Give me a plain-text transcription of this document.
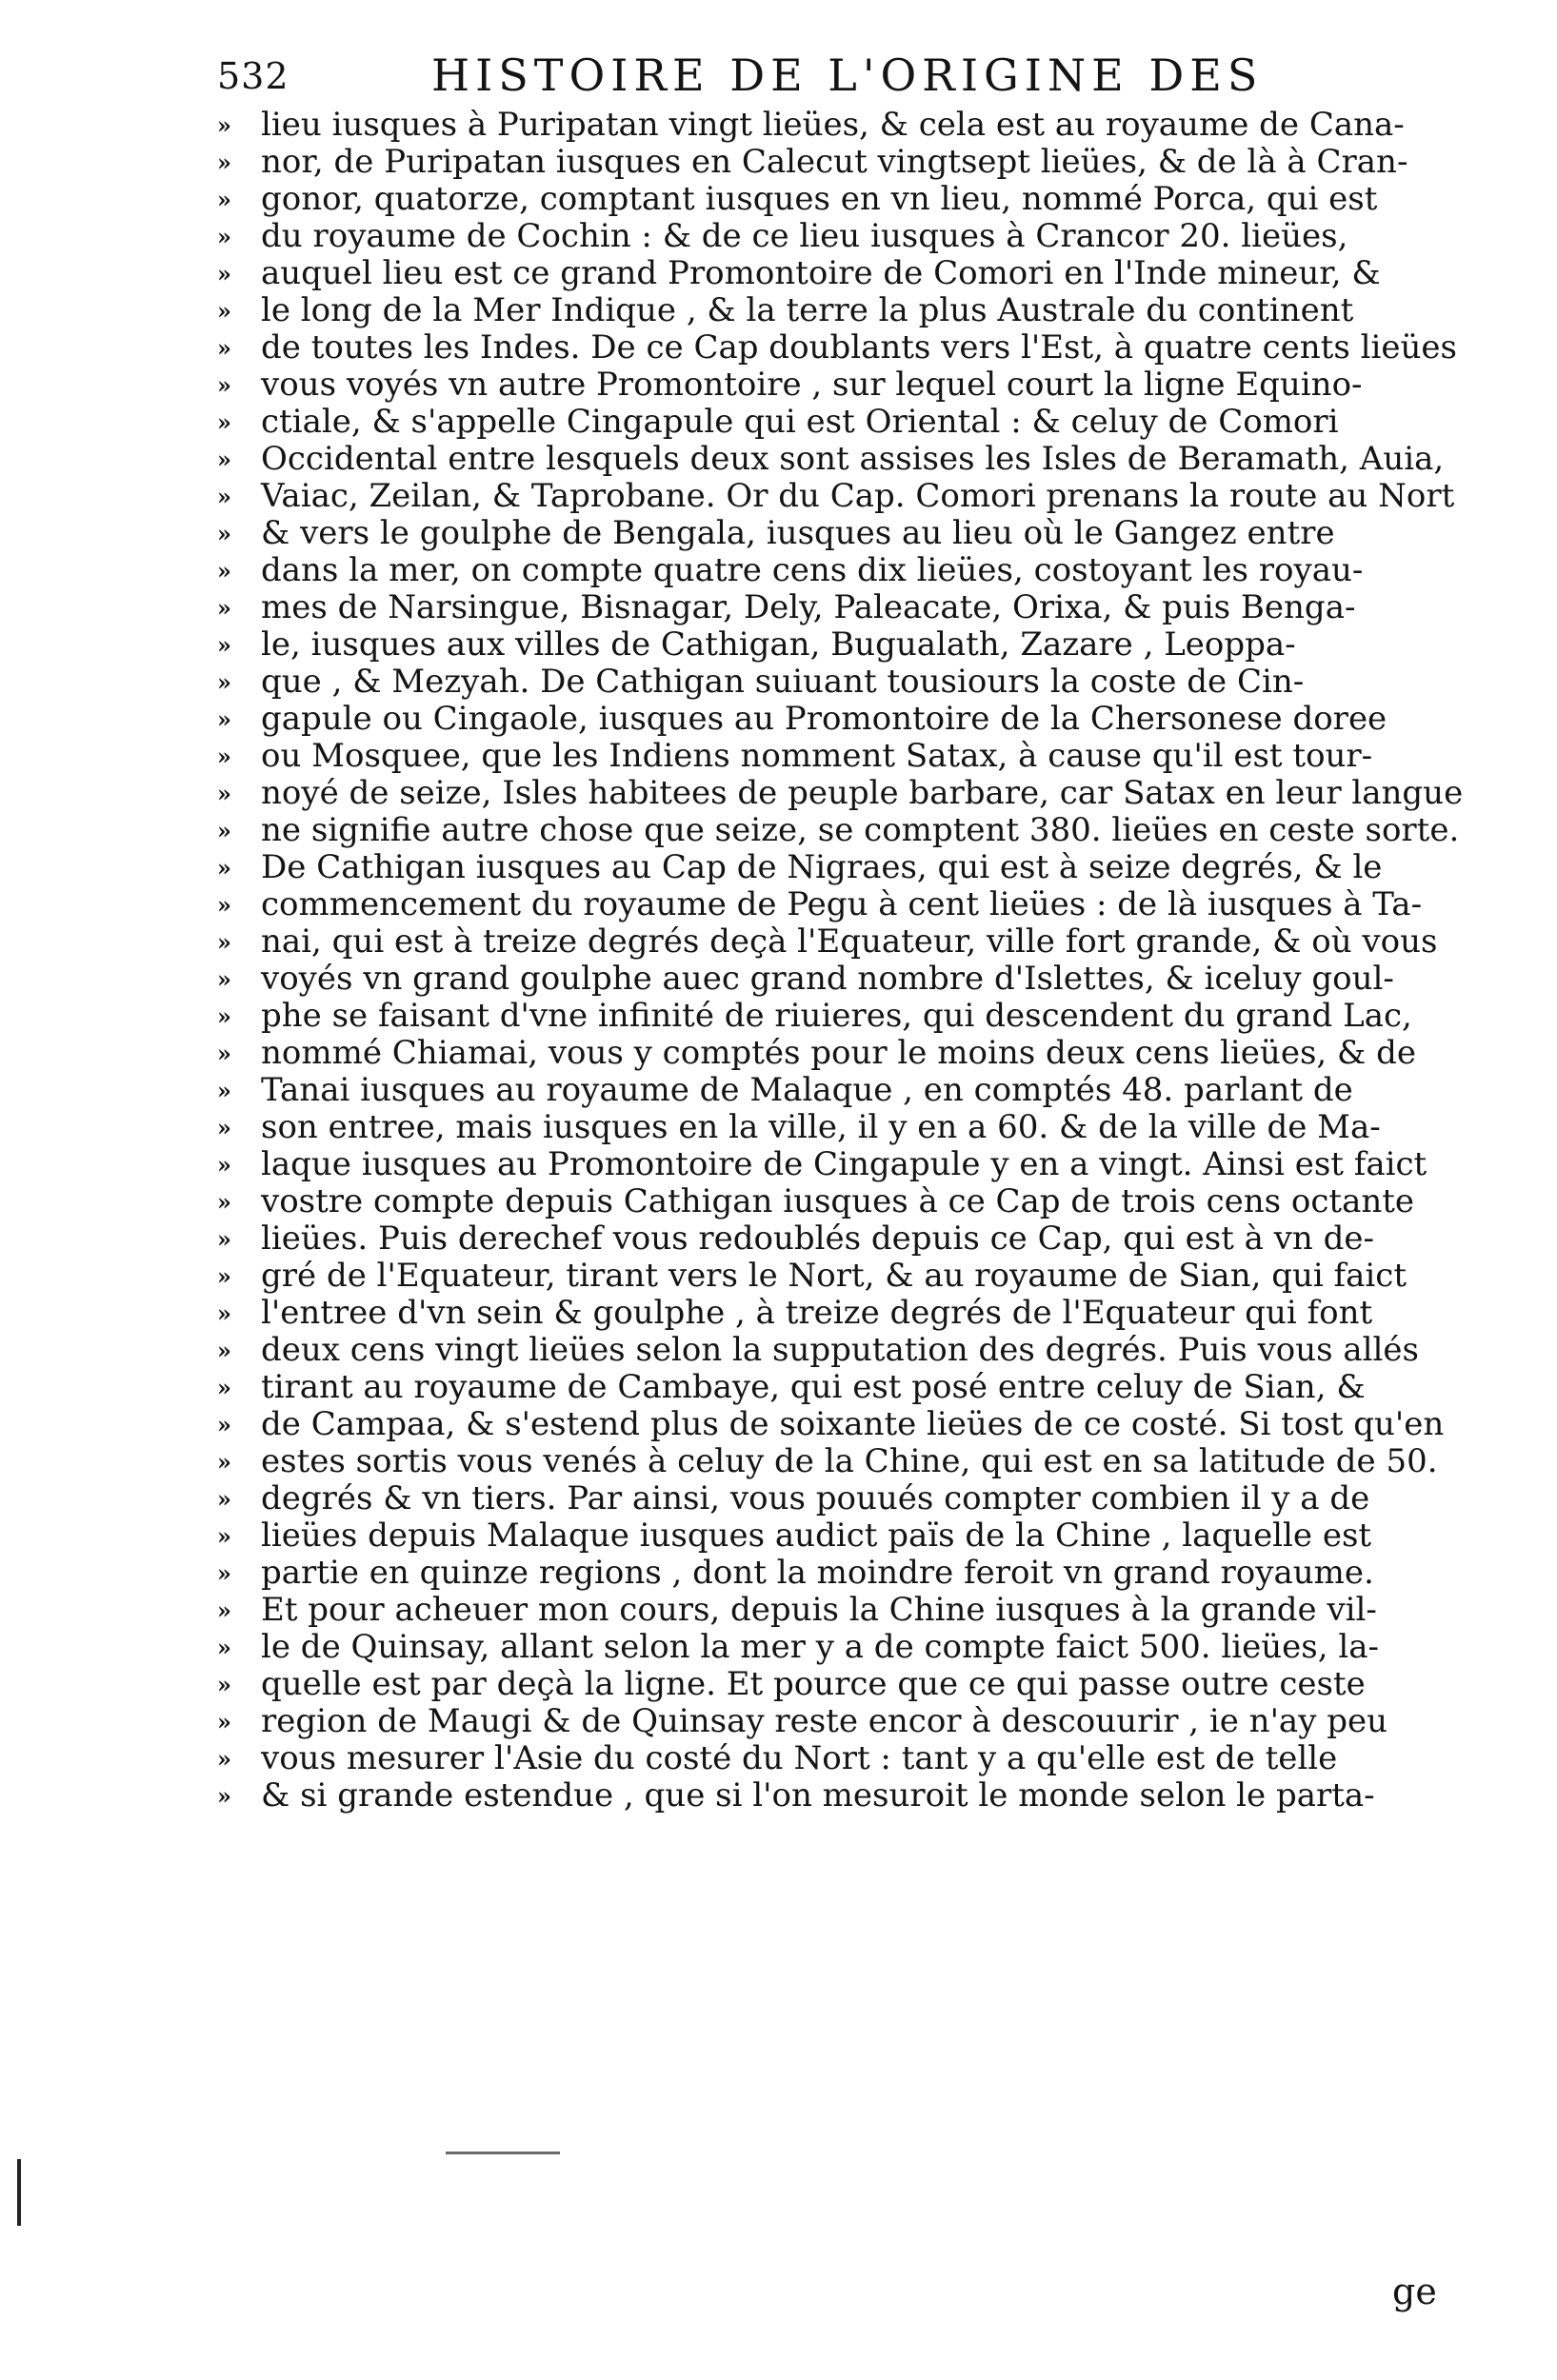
532	HISTOIRE DE L'ORIGINE DES
» lieu iusques à Puripatan vingt lieües, & cela est au royaume de Cana-
» nor, de Puripatan iusques en Calecut vingtsept lieües, & de là à Cran-
» gonor, quatorze, comptant iusques en vn lieu, nommé Porca, qui est
» du royaume de Cochin : & de ce lieu iusques à Crancor 20. lieües,
» auquel lieu est ce grand Promontoire de Comori en l'Inde mineur, &
» le long de la Mer Indique , & la terre la plus Australe du continent
» de toutes les Indes. De ce Cap doublants vers l'Est, à quatre cents lieües
» vous voyés vn autre Promontoire , sur lequel court la ligne Equino-
» ctiale, & s'appelle Cingapule qui est Oriental : & celuy de Comori
» Occidental entre lesquels deux sont assises les Isles de Beramath, Auia,
» Vaiac, Zeilan, & Taprobane. Or du Cap. Comori prenans la route au Nort
» & vers le goulphe de Bengala, iusques au lieu où le Gangez entre
» dans la mer, on compte quatre cens dix lieües, costoyant les royau-
» mes de Narsingue, Bisnagar, Dely, Paleacate, Orixa, & puis Benga-
» le, iusques aux villes de Cathigan, Bugualath, Zazare , Leoppa-
» que , & Mezyah. De Cathigan suiuant tousiours la coste de Cin-
» gapule ou Cingaole, iusques au Promontoire de la Chersonese doree
» ou Mosquee, que les Indiens nomment Satax, à cause qu'il est tour-
» noyé de seize, Isles habitees de peuple barbare, car Satax en leur langue
» ne signifie autre chose que seize, se comptent 380. lieües en ceste sorte.
» De Cathigan iusques au Cap de Nigraes, qui est à seize degrés, & le
» commencement du royaume de Pegu à cent lieües : de là iusques à Ta-
» nai, qui est à treize degrés deçà l'Equateur, ville fort grande, & où vous
» voyés vn grand goulphe auec grand nombre d'Islettes, & iceluy goul-
» phe se faisant d'vne infinité de riuieres, qui descendent du grand Lac,
» nommé Chiamai, vous y comptés pour le moins deux cens lieües, & de
» Tanai iusques au royaume de Malaque , en comptés 48. parlant de
» son entree, mais iusques en la ville, il y en a 60. & de la ville de Ma-
» laque iusques au Promontoire de Cingapule y en a vingt. Ainsi est faict
» vostre compte depuis Cathigan iusques à ce Cap de trois cens octante
» lieües. Puis derechef vous redoublés depuis ce Cap, qui est à vn de-
» gré de l'Equateur, tirant vers le Nort, & au royaume de Sian, qui faict
» l'entree d'vn sein & goulphe , à treize degrés de l'Equateur qui font
» deux cens vingt lieües selon la supputation des degrés. Puis vous allés
» tirant au royaume de Cambaye, qui est posé entre celuy de Sian, &
» de Campaa, & s'estend plus de soixante lieües de ce costé. Si tost qu'en
» estes sortis vous venés à celuy de la Chine, qui est en sa latitude de 50.
» degrés & vn tiers. Par ainsi, vous pouués compter combien il y a de
» lieües depuis Malaque iusques audict païs de la Chine , laquelle est
» partie en quinze regions , dont la moindre feroit vn grand royaume.
» Et pour acheuer mon cours, depuis la Chine iusques à la grande vil-
» le de Quinsay, allant selon la mer y a de compte faict 500. lieües, la-
» quelle est par deçà la ligne. Et pource que ce qui passe outre ceste
» region de Maugi & de Quinsay reste encor à descouurir , ie n'ay peu
» vous mesurer l'Asie du costé du Nort : tant y a qu'elle est de telle
» & si grande estendue , que si l'on mesuroit le monde selon le parta-
ge
